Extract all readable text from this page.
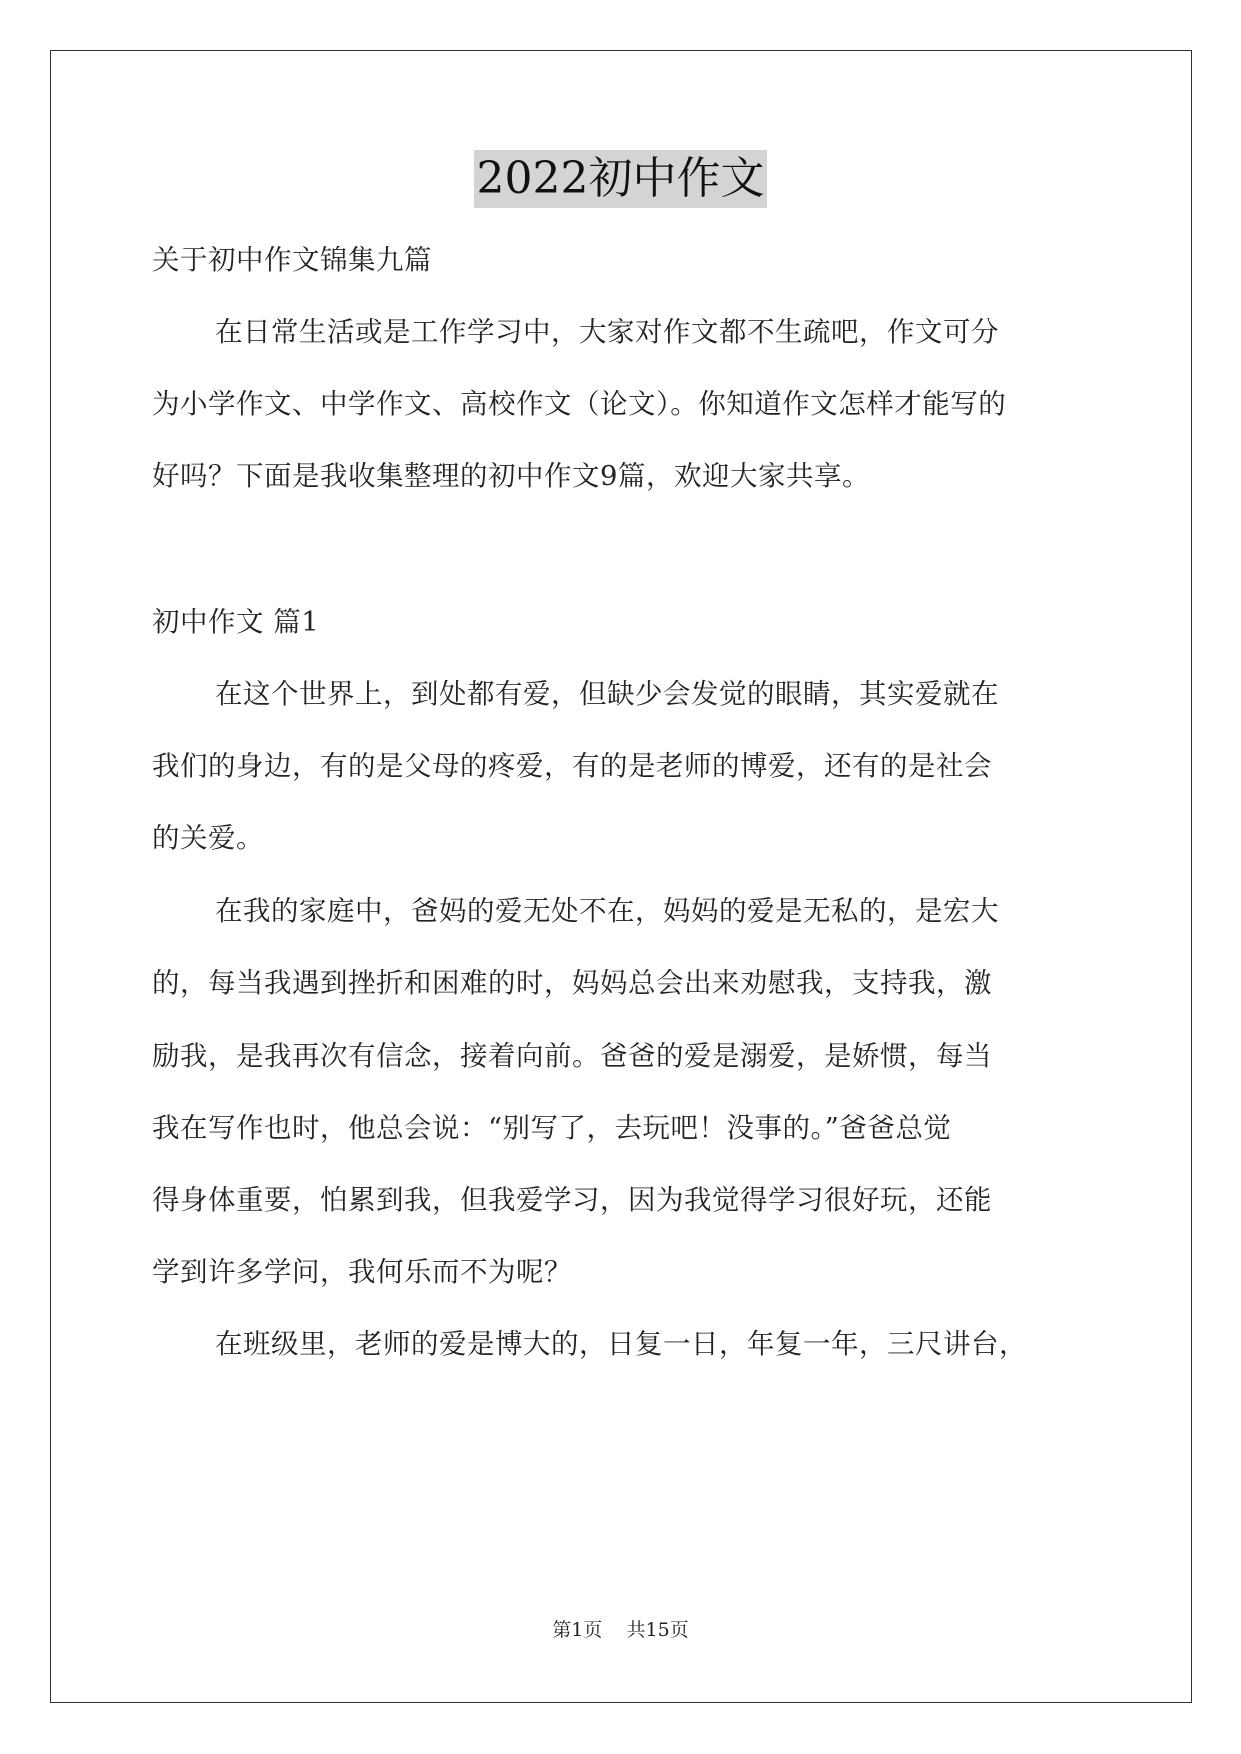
2022初中作文
关于初中作文锦集九篇
在日常生活或是工作学习中，大家对作文都不生疏吧，作文可分
为小学作文、中学作文、高校作文（论文）。你知道作文怎样才能写的
好吗？下面是我收集整理的初中作文9篇，欢迎大家共享。
初中作文 篇1
在这个世界上，到处都有爱，但缺少会发觉的眼睛，其实爱就在
我们的身边，有的是父母的疼爱，有的是老师的博爱，还有的是社会
的关爱。
在我的家庭中，爸妈的爱无处不在，妈妈的爱是无私的，是宏大
的，每当我遇到挫折和困难的时，妈妈总会出来劝慰我，支持我，激
励我，是我再次有信念，接着向前。爸爸的爱是溺爱，是娇惯，每当
我在写作也时，他总会说：“别写了，去玩吧！没事的。”爸爸总觉
得身体重要，怕累到我，但我爱学习，因为我觉得学习很好玩，还能
学到许多学问，我何乐而不为呢？
在班级里，老师的爱是博大的，日复一日，年复一年，三尺讲台，
第1页 共15页
